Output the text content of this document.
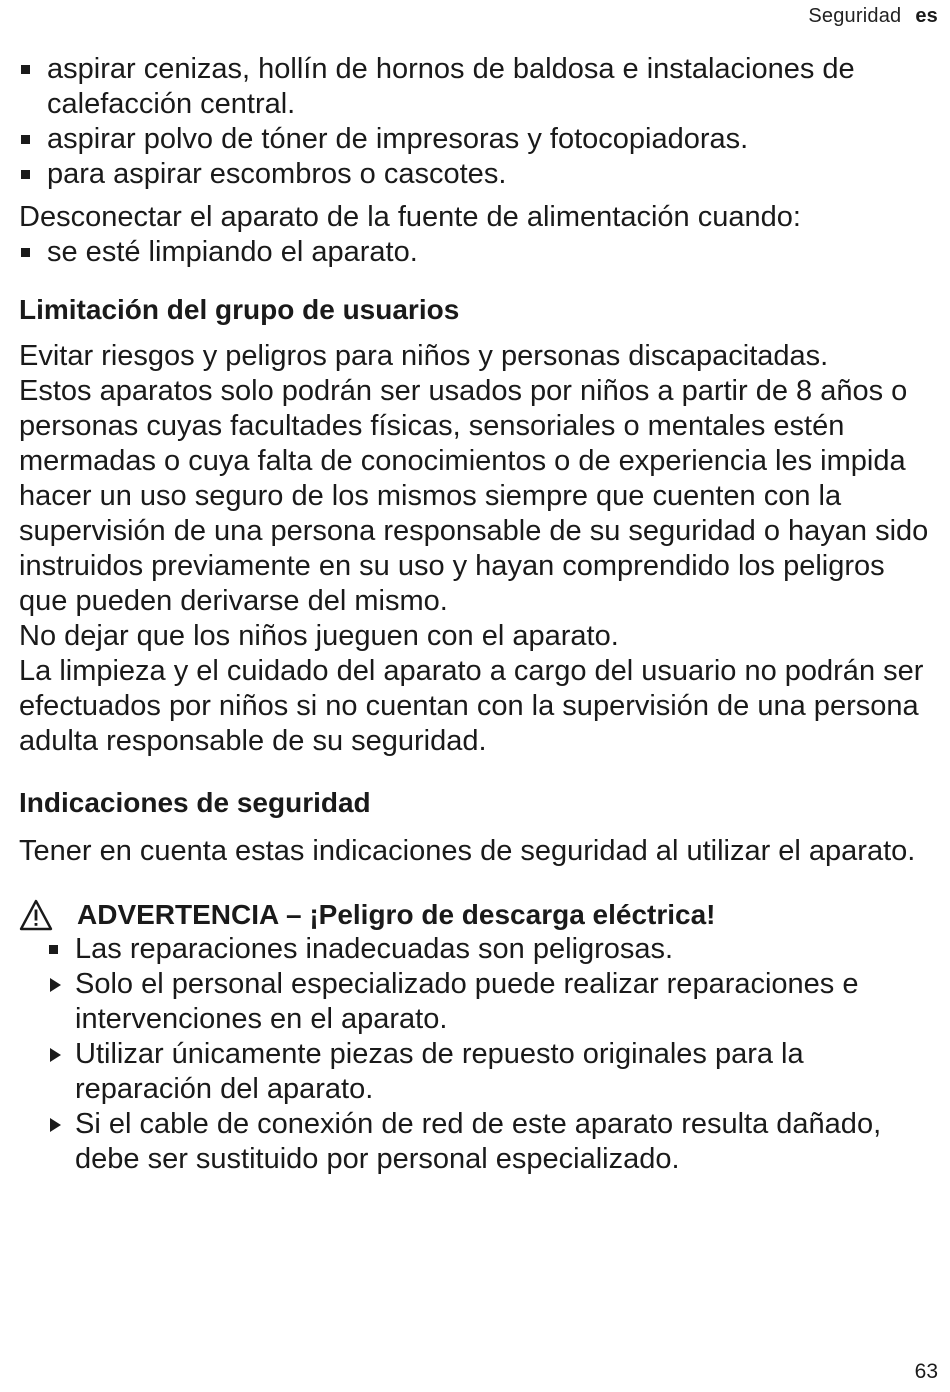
Seguridad es
aspirar cenizas, hollín de hornos de baldosa e instalaciones de calefacción central.
aspirar polvo de tóner de impresoras y fotocopiadoras.
para aspirar escombros o cascotes.

Desconectar el aparato de la fuente de alimentación cuando:

se esté limpiando el aparato.
Limitación del grupo de usuarios

Evitar riesgos y peligros para niños y personas discapacitadas.

Estos aparatos solo podrán ser usados por niños a partir de 8 años o personas cuyas facultades físicas, sensoriales o mentales estén mermadas o cuya falta de conocimientos o de experiencia les impida hacer un uso seguro de los mismos siempre que cuenten con la supervisión de una persona responsable de su seguridad o hayan sido instruidos previamente en su uso y hayan comprendido los peligros que pueden derivarse del mismo.

No dejar que los niños jueguen con el aparato.

La limpieza y el cuidado del aparato a cargo del usuario no podrán ser efectuados por niños si no cuentan con la supervisión de una persona adulta responsable de su seguridad.

Indicaciones de seguridad

Tener en cuenta estas indicaciones de seguridad al utilizar el aparato.

ADVERTENCIA – ¡Peligro de descarga eléctrica!
Las reparaciones inadecuadas son peligrosas.
Solo el personal especializado puede realizar reparaciones e intervenciones en el aparato.
Utilizar únicamente piezas de repuesto originales para la reparación del aparato.
Si el cable de conexión de red de este aparato resulta dañado, debe ser sustituido por personal especializado.
63
